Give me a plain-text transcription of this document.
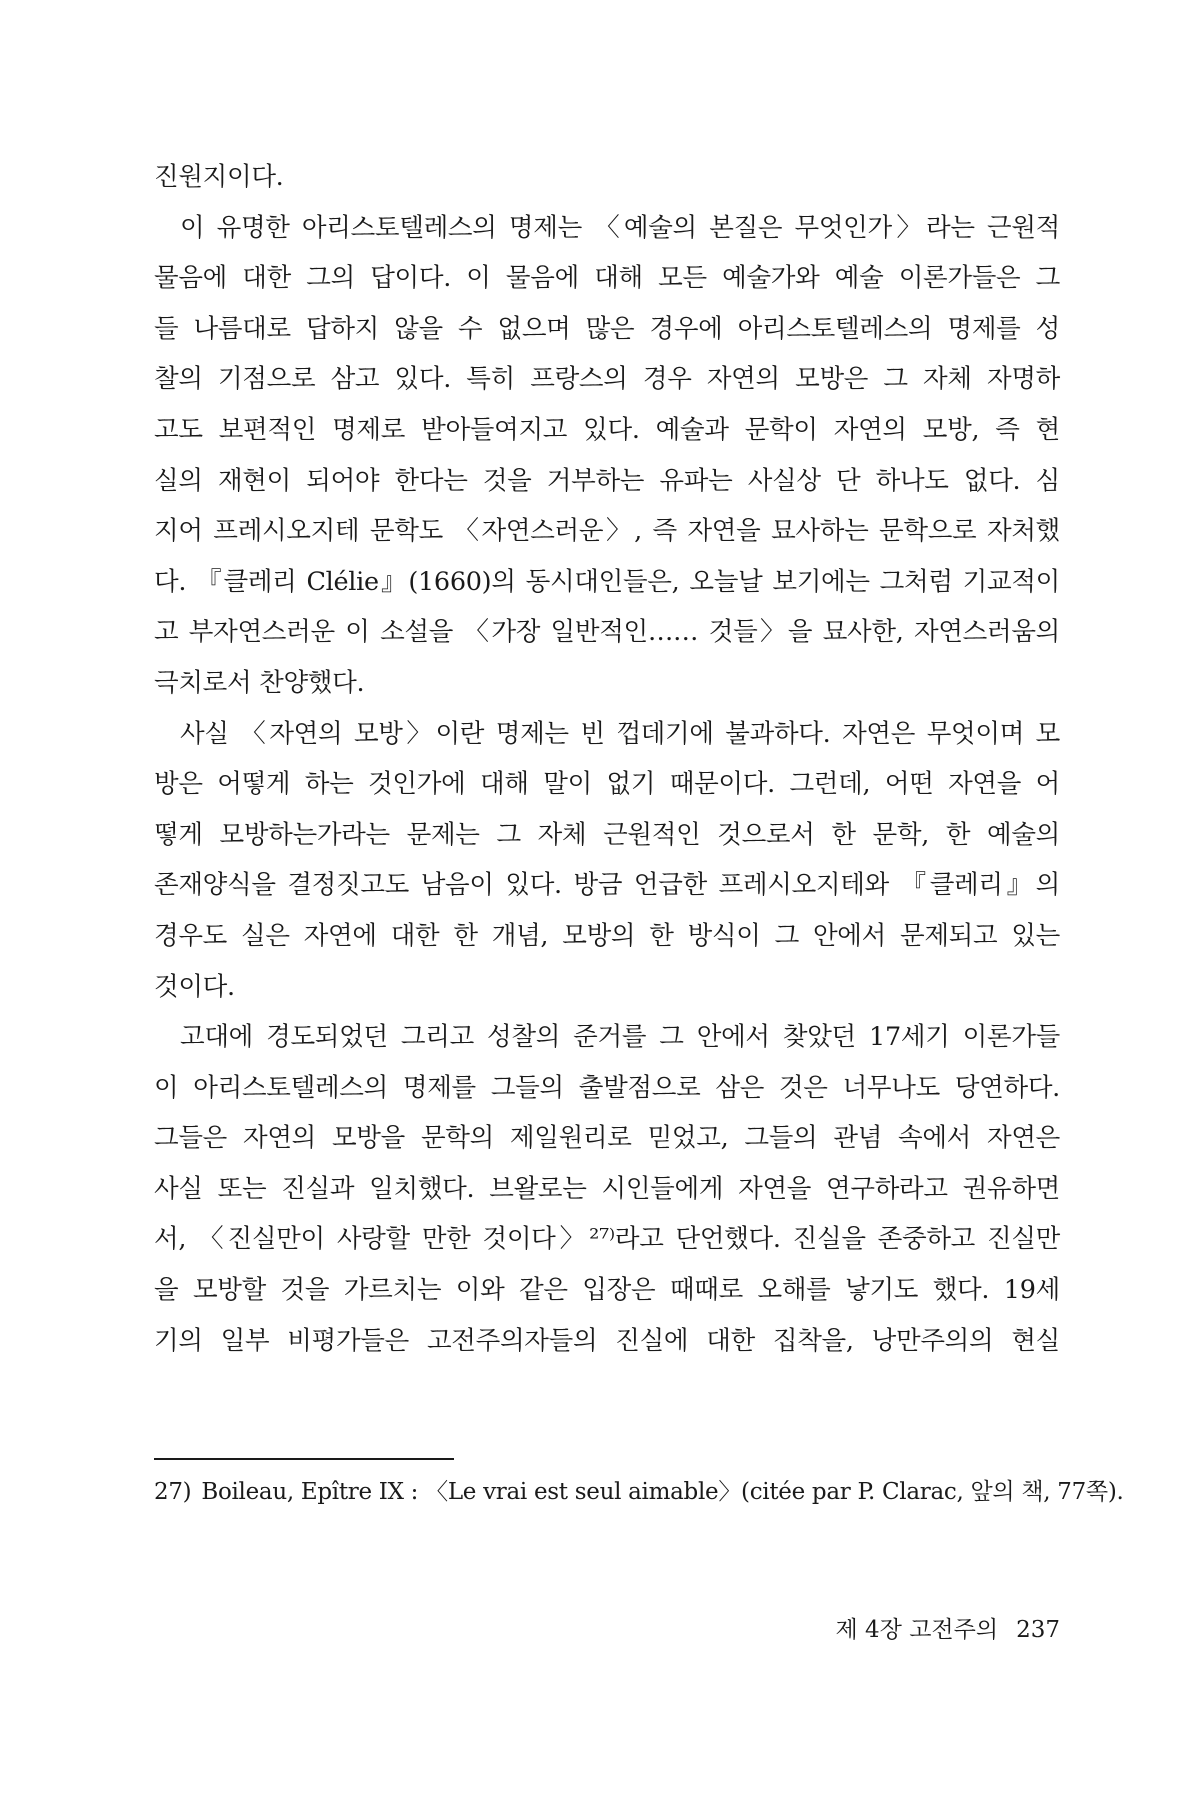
진원지이다.
이 유명한 아리스토텔레스의 명제는 〈예술의 본질은 무엇인가〉라는 근원적
물음에 대한 그의 답이다. 이 물음에 대해 모든 예술가와 예술 이론가들은 그
들 나름대로 답하지 않을 수 없으며 많은 경우에 아리스토텔레스의 명제를 성
찰의 기점으로 삼고 있다. 특히 프랑스의 경우 자연의 모방은 그 자체 자명하
고도 보편적인 명제로 받아들여지고 있다. 예술과 문학이 자연의 모방, 즉 현
실의 재현이 되어야 한다는 것을 거부하는 유파는 사실상 단 하나도 없다. 심
지어 프레시오지테 문학도 〈자연스러운〉, 즉 자연을 묘사하는 문학으로 자처했
다. 『클레리 Clélie』(1660)의 동시대인들은, 오늘날 보기에는 그처럼 기교적이
고 부자연스러운 이 소설을 〈가장 일반적인…… 것들〉을 묘사한, 자연스러움의
극치로서 찬양했다.
사실 〈자연의 모방〉이란 명제는 빈 껍데기에 불과하다. 자연은 무엇이며 모
방은 어떻게 하는 것인가에 대해 말이 없기 때문이다. 그런데, 어떤 자연을 어
떻게 모방하는가라는 문제는 그 자체 근원적인 것으로서 한 문학, 한 예술의
존재양식을 결정짓고도 남음이 있다. 방금 언급한 프레시오지테와 『클레리』의
경우도 실은 자연에 대한 한 개념, 모방의 한 방식이 그 안에서 문제되고 있는
것이다.
고대에 경도되었던 그리고 성찰의 준거를 그 안에서 찾았던 17세기 이론가들
이 아리스토텔레스의 명제를 그들의 출발점으로 삼은 것은 너무나도 당연하다.
그들은 자연의 모방을 문학의 제일원리로 믿었고, 그들의 관념 속에서 자연은
사실 또는 진실과 일치했다. 브왈로는 시인들에게 자연을 연구하라고 권유하면
서, 〈진실만이 사랑할 만한 것이다〉²⁷⁾라고 단언했다. 진실을 존중하고 진실만
을 모방할 것을 가르치는 이와 같은 입장은 때때로 오해를 낳기도 했다. 19세
기의 일부 비평가들은 고전주의자들의 진실에 대한 집착을, 낭만주의의 현실
27) Boileau, Epître IX : 〈Le vrai est seul aimable〉(citée par P. Clarac, 앞의 책, 77쪽).
제 4장 고전주의 237
